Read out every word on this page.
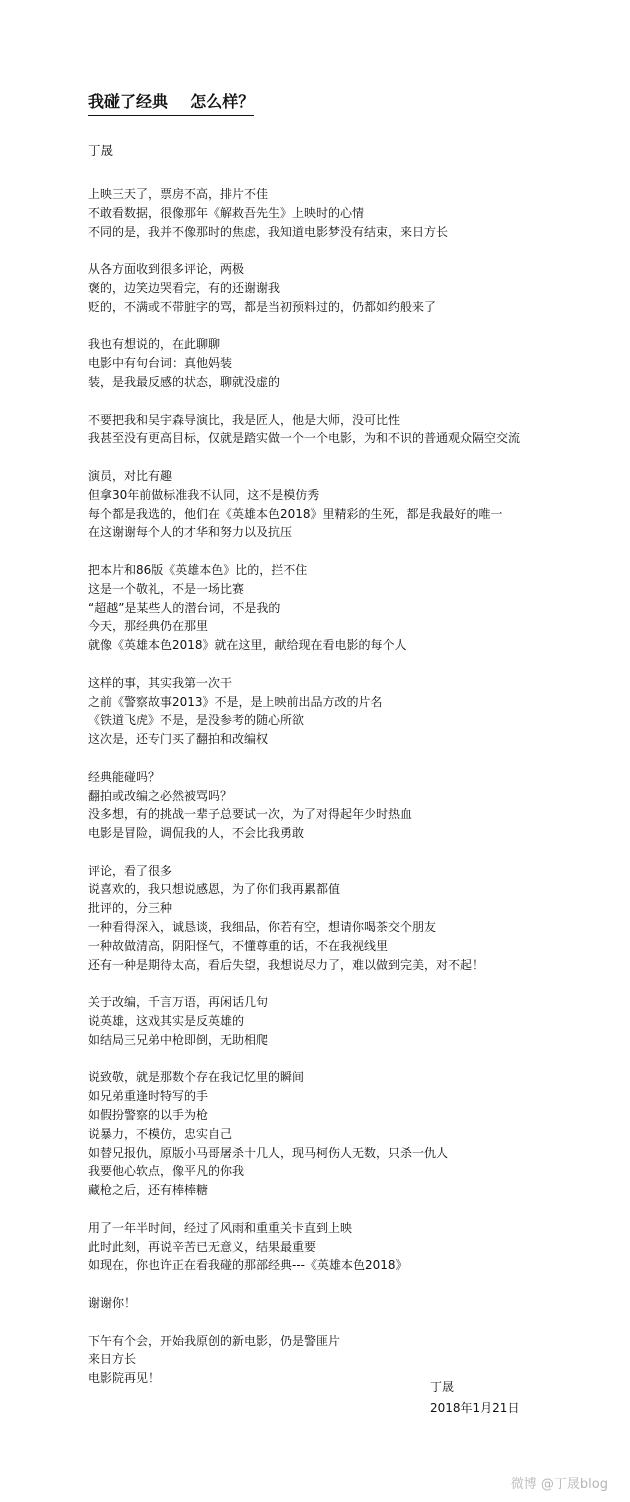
我碰了经典    怎么样？
丁晟
上映三天了，票房不高，排片不佳
不敢看数据，很像那年《解救吾先生》上映时的心情
不同的是，我并不像那时的焦虑，我知道电影梦没有结束，来日方长
从各方面收到很多评论，两极
褒的，边笑边哭看完，有的还谢谢我
贬的，不满或不带脏字的骂，都是当初预料过的，仍都如约般来了
我也有想说的，在此聊聊
电影中有句台词：真他妈装
装，是我最反感的状态，聊就没虚的
不要把我和吴宇森导演比，我是匠人，他是大师，没可比性
我甚至没有更高目标，仅就是踏实做一个一个电影，为和不识的普通观众隔空交流
演员，对比有趣
但拿30年前做标准我不认同，这不是模仿秀
每个都是我选的，他们在《英雄本色2018》里精彩的生死，都是我最好的唯一
在这谢谢每个人的才华和努力以及抗压
把本片和86版《英雄本色》比的，拦不住
这是一个敬礼，不是一场比赛
“超越”是某些人的潜台词，不是我的
今天，那经典仍在那里
就像《英雄本色2018》就在这里，献给现在看电影的每个人
这样的事，其实我第一次干
之前《警察故事2013》不是，是上映前出品方改的片名
《铁道飞虎》不是，是没参考的随心所欲
这次是，还专门买了翻拍和改编权
经典能碰吗？
翻拍或改编之必然被骂吗？
没多想，有的挑战一辈子总要试一次，为了对得起年少时热血
电影是冒险，调侃我的人，不会比我勇敢
评论，看了很多
说喜欢的，我只想说感恩，为了你们我再累都值
批评的，分三种
一种看得深入，诚恳谈，我细品，你若有空，想请你喝茶交个朋友
一种故做清高，阴阳怪气，不懂尊重的话，不在我视线里
还有一种是期待太高，看后失望，我想说尽力了，难以做到完美，对不起！
关于改编，千言万语，再闲话几句
说英雄，这戏其实是反英雄的
如结局三兄弟中枪即倒，无助相爬
说致敬，就是那数个存在我记忆里的瞬间
如兄弟重逢时特写的手
如假扮警察的以手为枪
说暴力，不模仿，忠实自己
如替兄报仇，原版小马哥屠杀十几人，现马柯伤人无数，只杀一仇人
我要他心软点，像平凡的你我
藏枪之后，还有棒棒糖
用了一年半时间，经过了风雨和重重关卡直到上映
此时此刻，再说辛苦已无意义，结果最重要
如现在，你也许正在看我碰的那部经典---《英雄本色2018》
谢谢你！
下午有个会，开始我原创的新电影，仍是警匪片
来日方长
电影院再见！
丁晟
2018年1月21日
微博 @丁晟blog
